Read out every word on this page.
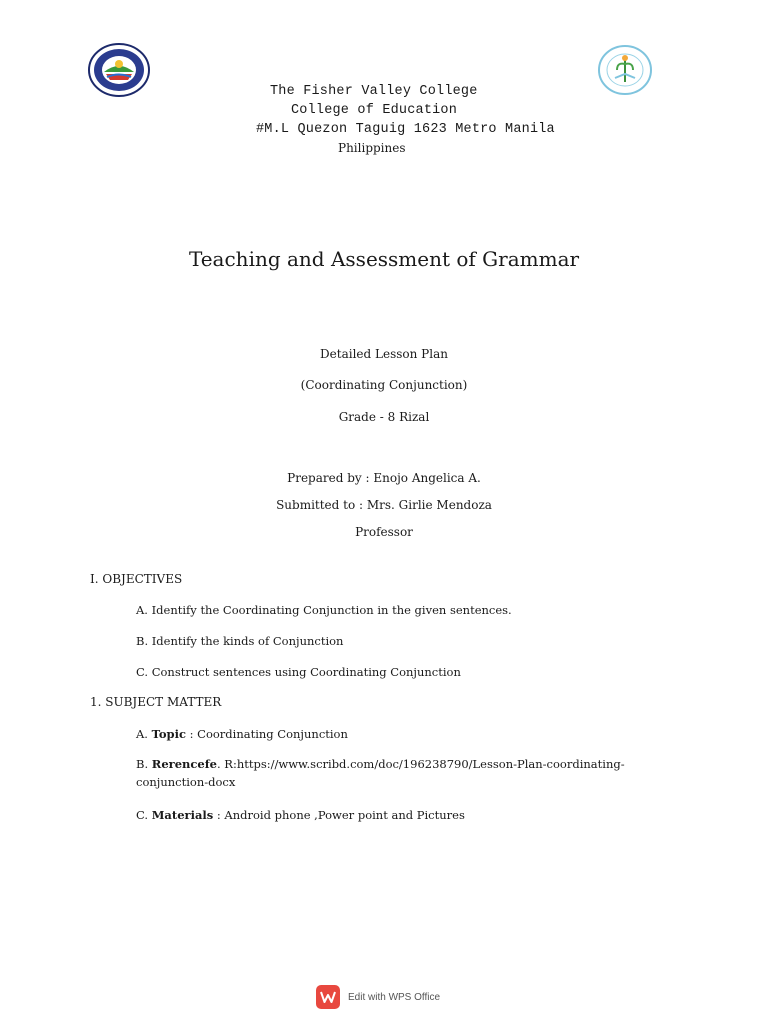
The Fisher Valley College
College of Education
#M.L Quezon Taguig 1623 Metro Manila
Philippines
Teaching and Assessment of Grammar

Detailed Lesson Plan

(Coordinating Conjunction)

Grade - 8 Rizal

Prepared by : Enojo Angelica A.

Submitted to : Mrs. Girlie Mendoza

Professor

I. OBJECTIVES

A. Identify the Coordinating Conjunction in the given sentences.

B. Identify the kinds of Conjunction

C. Construct sentences using Coordinating Conjunction

1. SUBJECT MATTER

A. Topic : Coordinating Conjunction

B. Rerencefe. R:https://www.scribd.com/doc/196238790/Lesson-Plan-coordinating-conjunction-docx

C. Materials : Android phone ,Power point and Pictures

Edit with WPS Office
